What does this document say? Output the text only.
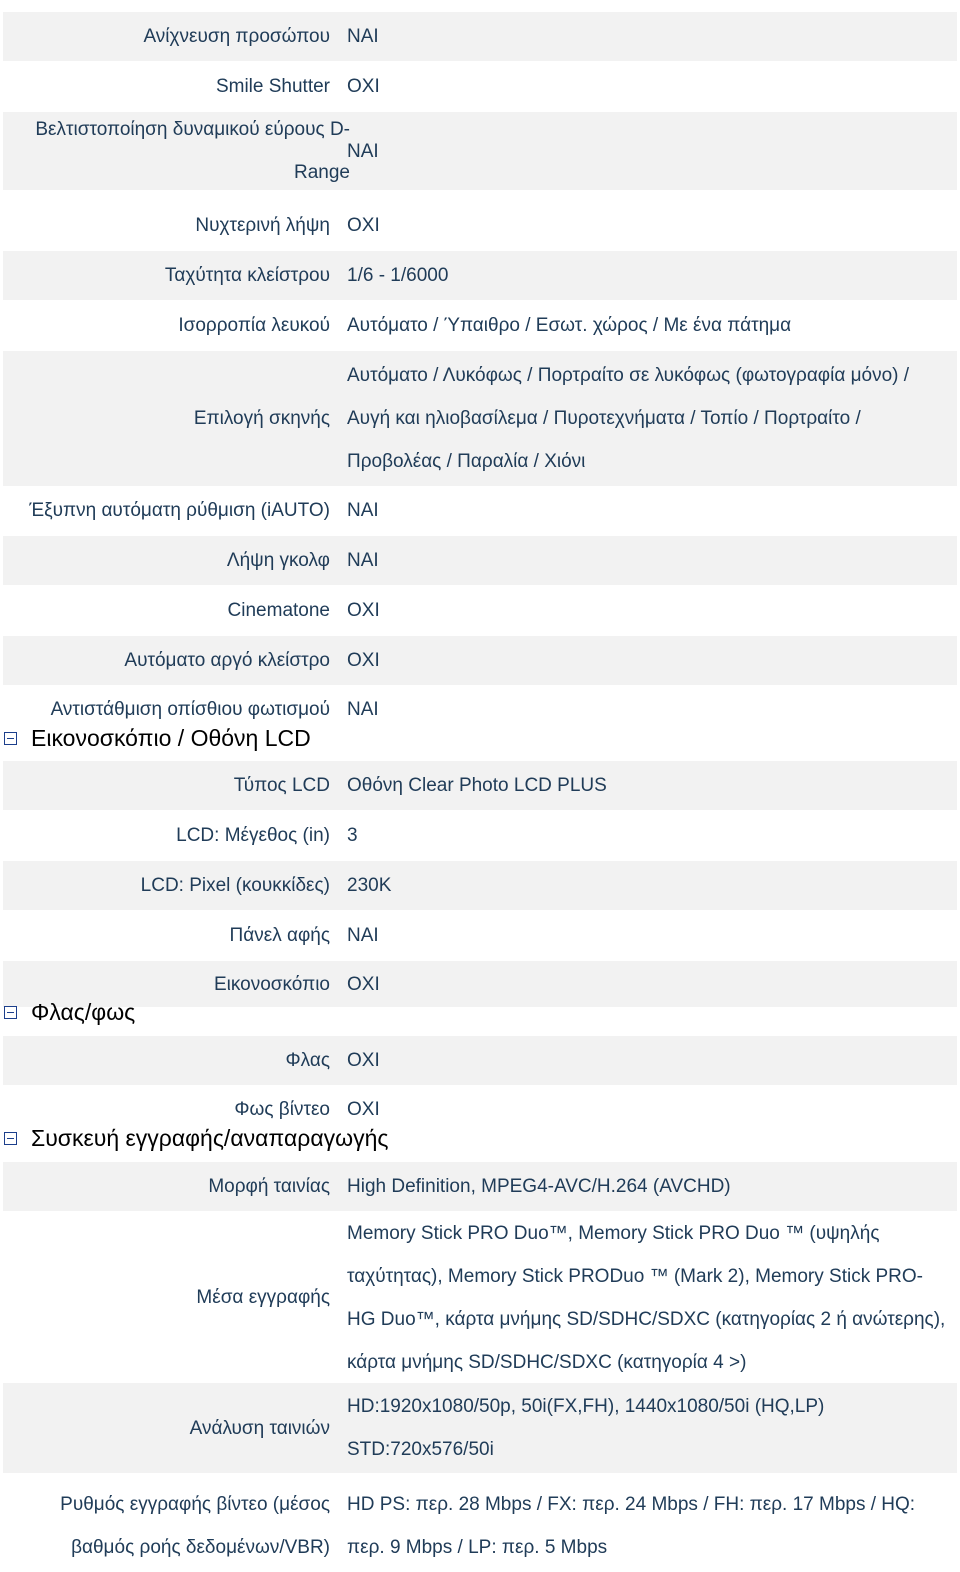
Ανίχνευση προσώπου ΝΑΙ
Smile Shutter ΟΧΙ
Βελτιστοποίηση δυναμικού εύρους D-Range
ΝΑΙ
Νυχτερινή λήψη ΟΧΙ
Ταχύτητα κλείστρου 1/6 - 1/6000
Ισορροπία λευκού Αυτόματο / Ύπαιθρο / Εσωτ. χώρος / Με ένα πάτημα
Επιλογή σκηνής
Αυτόματο / Λυκόφως / Πορτραίτο σε λυκόφως (φωτογραφία μόνο) / Αυγή και ηλιοβασίλεμα / Πυροτεχνήματα / Τοπίο / Πορτραίτο / Προβολέας / Παραλία / Χιόνι
Έξυπνη αυτόματη ρύθμιση (iAUTO) ΝΑΙ
Λήψη γκολφ ΝΑΙ
Cinematone ΟΧΙ
Αυτόματο αργό κλείστρο ΟΧΙ
Αντιστάθμιση οπίσθιου φωτισμού ΝΑΙ
Εικονοσκόπιο / Οθόνη LCD
Τύπος LCD Οθόνη Clear Photo LCD PLUS
LCD: Μέγεθος (in) 3
LCD: Pixel (κουκκίδες) 230K
Πάνελ αφής ΝΑΙ
Εικονοσκόπιο ΟΧΙ
Φλας/φως
Φλας ΟΧΙ
Φως βίντεο ΟΧΙ
Συσκευή εγγραφής/αναπαραγωγής
Μορφή ταινίας High Definition, MPEG4-AVC/H.264 (AVCHD)
Μέσα εγγραφής
Memory Stick PRO Duo™, Memory Stick PRO Duo ™ (υψηλής ταχύτητας), Memory Stick PRODuo ™ (Mark 2), Memory Stick PRO-HG Duo™, κάρτα μνήμης SD/SDHC/SDXC (κατηγορίας 2 ή ανώτερης), κάρτα μνήμης SD/SDHC/SDXC (κατηγορία 4 >)
Ανάλυση ταινιών
HD:1920x1080/50p, 50i(FX,FH), 1440x1080/50i (HQ,LP) STD:720x576/50i
Ρυθμός εγγραφής βίντεο (μέσος βαθμός ροής δεδομένων/VBR)
HD PS: περ. 28 Mbps / FX: περ. 24 Mbps / FH: περ. 17 Mbps / HQ: περ. 9 Mbps / LP: περ. 5 Mbps
